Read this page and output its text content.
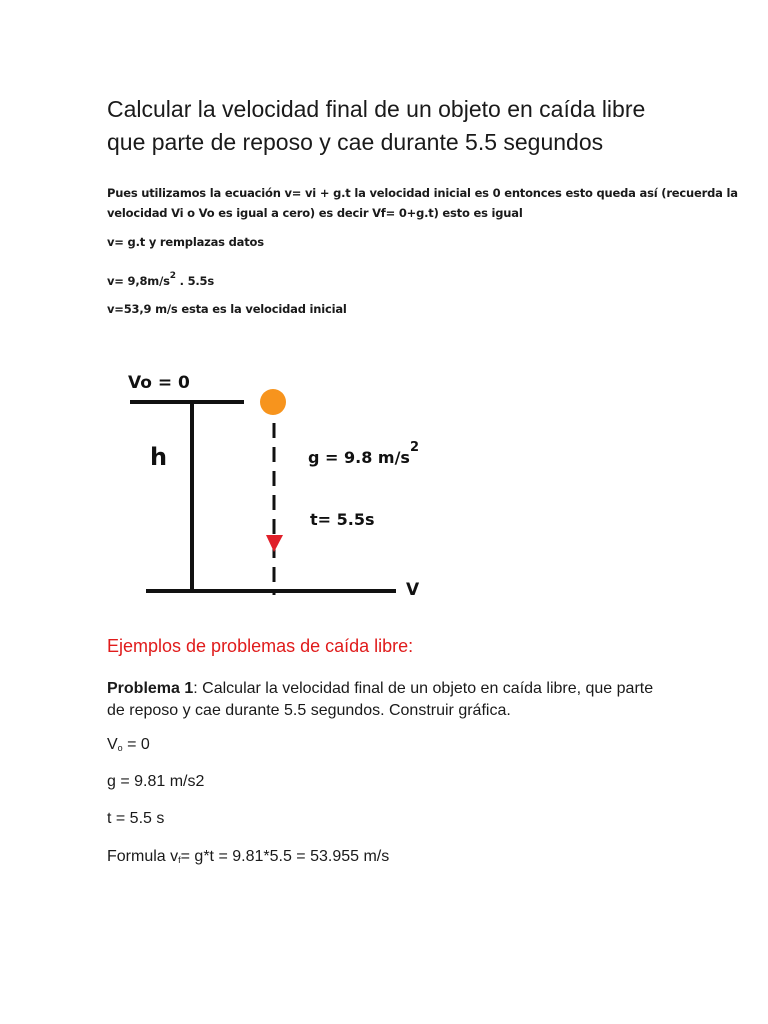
Calcular la velocidad final de un objeto en caída libre
que parte de reposo y cae durante 5.5 segundos
Pues utilizamos la ecuación v= vi + g.t la velocidad inicial es 0 entonces esto queda así (recuerda la
velocidad Vi o Vo es igual a cero) es decir Vf= 0+g.t) esto es igual
v= g.t y remplazas datos
$v= 9,8m/s^2$ . 5.5s
v=53,9 m/s esta es la velocidad inicial
Vo = 0
h	g = 9.8 $m/s^2$
t= 5.5s
V
Ejemplos de problemas de caída libre:
Problema 1: Calcular la velocidad final de un objeto en caída libre, que parte
de reposo y cae durante 5.5 segundos. Construir gráfica.
$V_o = 0$
g = 9.81 m/s2
t = 5.5 s
Formula $v_f= g*t = 9.81*5.5 = 53.955$ m/s
